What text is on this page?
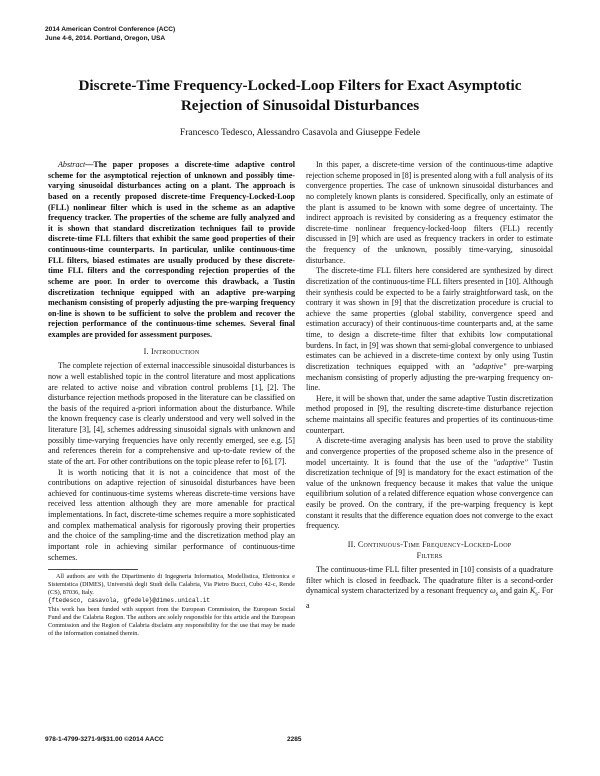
2014 American Control Conference (ACC)
June 4-6, 2014. Portland, Oregon, USA
Discrete-Time Frequency-Locked-Loop Filters for Exact Asymptotic
Rejection of Sinusoidal Disturbances
Francesco Tedesco, Alessandro Casavola and Giuseppe Fedele

Abstract—The paper proposes a discrete-time adaptive control scheme for the asymptotical rejection of unknown and possibly time-varying sinusoidal disturbances acting on a plant. The approach is based on a recently proposed discrete-time Frequency-Locked-Loop (FLL) nonlinear filter which is used in the scheme as an adaptive frequency tracker. The properties of the scheme are fully analyzed and it is shown that standard discretization techniques fail to provide discrete-time FLL filters that exhibit the same good properties of their continuous-time counterparts. In particular, unlike continuous-time FLL filters, biased estimates are usually produced by these discrete-time FLL filters and the corresponding rejection properties of the scheme are poor. In order to overcome this drawback, a Tustin discretization technique equipped with an adaptive pre-warping mechanism consisting of properly adjusting the pre-warping frequency on-line is shown to be sufficient to solve the problem and recover the rejection performance of the continuous-time schemes. Several final examples are provided for assessment purposes.

I. Introduction

The complete rejection of external inaccessible sinusoidal disturbances is now a well established topic in the control literature and most applications are related to active noise and vibration control problems [1], [2]. The disturbance rejection methods proposed in the literature can be classified on the basis of the required a-priori information about the disturbance. While the known frequency case is clearly understood and very well solved in the literature [3], [4], schemes addressing sinusoidal signals with unknown and possibly time-varying frequencies have only recently emerged, see e.g. [5] and references therein for a comprehensive and up-to-date review of the state of the art. For other contributions on the topic please refer to [6], [7].

It is worth noticing that it is not a coincidence that most of the contributions on adaptive rejection of sinusoidal disturbances have been achieved for continuous-time systems whereas discrete-time versions have received less attention although they are more amenable for practical implementations. In fact, discrete-time schemes require a more sophisticated and complex mathematical analysis for rigorously proving their properties and the choice of the sampling-time and the discretization method play an important role in achieving similar performance of continuous-time schemes.

All authors are with the Dipartimento di Ingegneria Informatica, Modellistica, Elettronica e Sistemistica (DIMES), Università degli Studi della Calabria, Via Pietro Bucci, Cubo 42-c, Rende (CS), 87036, Italy.

{ftedesco, casavola, gfedele}@dimes.unical.it
This work has been funded with support from the European Commission, the European Social Fund and the Calabria Region. The authors are solely responsible for this article and the European Commission and the Region of Calabria disclaim any responsibility for the use that may be made of the information contained therein.

In this paper, a discrete-time version of the continuous-time adaptive rejection scheme proposed in [8] is presented along with a full analysis of its convergence properties. The case of unknown sinusoidal disturbances and no completely known plants is considered. Specifically, only an estimate of the plant is assumed to be known with some degree of uncertainty. The indirect approach is revisited by considering as a frequency estimator the discrete-time nonlinear frequency-locked-loop filters (FLL) recently discussed in [9] which are used as frequency trackers in order to estimate the frequency of the unknown, possibly time-varying, sinusoidal disturbance.

The discrete-time FLL filters here considered are synthesized by direct discretization of the continuous-time FLL filters presented in [10]. Although their synthesis could be expected to be a fairly straightforward task, on the contrary it was shown in [9] that the discretization procedure is crucial to achieve the same properties (global stability, convergence speed and estimation accuracy) of their continuous-time counterparts and, at the same time, to design a discrete-time filter that exhibits low computational burdens. In fact, in [9] was shown that semi-global convergence to unbiased estimates can be achieved in a discrete-time context by only using Tustin discretization techniques equipped with an "adaptive" pre-warping mechanism consisting of properly adjusting the pre-warping frequency on-line.

Here, it will be shown that, under the same adaptive Tustin discretization method proposed in [9], the resulting discrete-time disturbance rejection scheme maintains all specific features and properties of its continuous-time counterpart.

A discrete-time averaging analysis has been used to prove the stability and convergence properties of the proposed scheme also in the presence of model uncertainty. It is found that the use of the "adaptive" Tustin discretization technique of [9] is mandatory for the exact estimation of the value of the unknown frequency because it makes that value the unique equilibrium solution of a related difference equation whose convergence can easily be proved. On the contrary, if the pre-warping frequency is kept constant it results that the difference equation does not converge to the exact frequency.

II. Continuous-Time Frequency-Locked-Loop
Filters

The continuous-time FLL filter presented in [10] consists of a quadrature filter which is closed in feedback. The quadrature filter is a second-order dynamical system characterized by a resonant frequency $\omega_s$ and gain $K_s$. For a

978-1-4799-3271-9/$31.00 ©2014 AACC	2285
